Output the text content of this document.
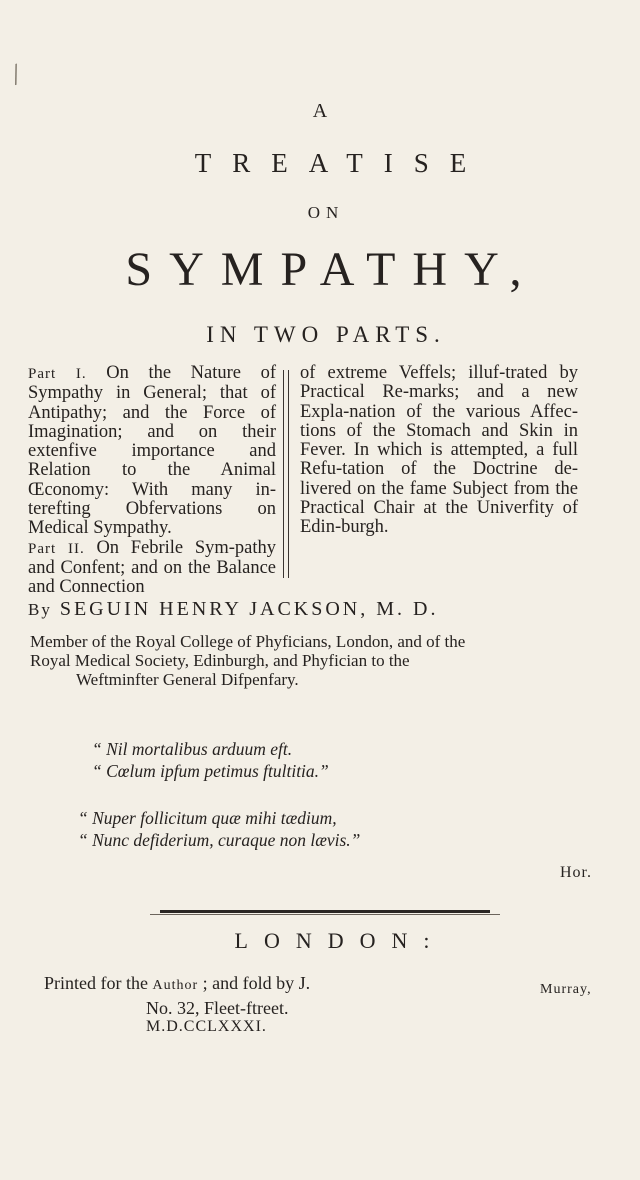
/
A
TREATISE
ON
SYMPATHY,
IN TWO PARTS.

Part I. On the Nature of Sympathy in General; that of Antipathy; and the Force of Imagination; and on their extenfive importance and Relation to the Animal Œconomy: With many in-terefting Obfervations on Medical Sympathy.

Part II. On Febrile Sym-pathy and Confent; and on the Balance and Connection

of extreme Veffels; illuf-trated by Practical Re-marks; and a new Expla-nation of the various Affec-tions of the Stomach and Skin in Fever. In which is attempted, a full Refu-tation of the Doctrine de-livered on the fame Subject from the Practical Chair at the Univerfity of Edin-burgh.

By SEGUIN HENRY JACKSON, M. D.
Member of the Royal College of Phyficians, London, and of the
Royal Medical Society, Edinburgh, and Phyfician to the
Weftminfter General Difpenfary.
“ Nil mortalibus arduum eft.
“ Cœlum ipfum petimus ftultitia.”
“ Nuper follicitum quæ mihi tædium,
“ Nunc defiderium, curaque non lævis.”
Hor.
LONDON:
Printed for the Author ; and fold by J.
No. 32, Fleet-ftreet.
Murray,
M.D.CCLXXXI.
